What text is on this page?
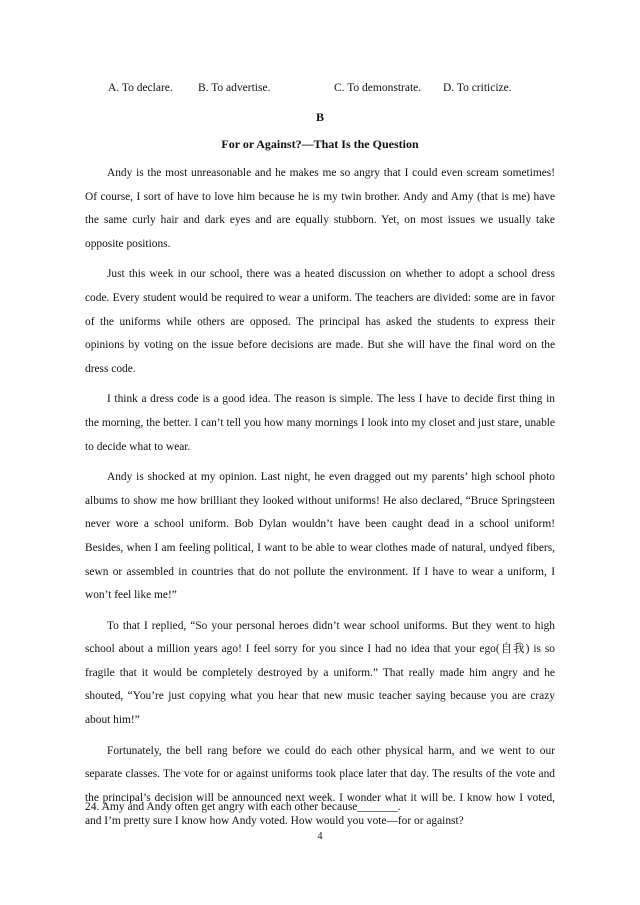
A. To declare. B. To advertise.	C. To demonstrate. D. To criticize.
B
For or Against?—That Is the Question

Andy is the most unreasonable and he makes me so angry that I could even scream sometimes! Of course, I sort of have to love him because he is my twin brother. Andy and Amy (that is me) have the same curly hair and dark eyes and are equally stubborn. Yet, on most issues we usually take opposite positions.

Just this week in our school, there was a heated discussion on whether to adopt a school dress code. Every student would be required to wear a uniform. The teachers are divided: some are in favor of the uniforms while others are opposed. The principal has asked the students to express their opinions by voting on the issue before decisions are made. But she will have the final word on the dress code.

I think a dress code is a good idea. The reason is simple. The less I have to decide first thing in the morning, the better. I can’t tell you how many mornings I look into my closet and just stare, unable to decide what to wear.

Andy is shocked at my opinion. Last night, he even dragged out my parents’ high school photo albums to show me how brilliant they looked without uniforms! He also declared, “Bruce Springsteen never wore a school uniform. Bob Dylan wouldn’t have been caught dead in a school uniform! Besides, when I am feeling political, I want to be able to wear clothes made of natural, undyed fibers, sewn or assembled in countries that do not pollute the environment. If I have to wear a uniform, I won’t feel like me!”

To that I replied, “So your personal heroes didn’t wear school uniforms. But they went to high school about a million years ago! I feel sorry for you since I had no idea that your ego(自我) is so fragile that it would be completely destroyed by a uniform.” That really made him angry and he shouted, “You’re just copying what you hear that new music teacher saying because you are crazy about him!”

Fortunately, the bell rang before we could do each other physical harm, and we went to our separate classes. The vote for or against uniforms took place later that day. The results of the vote and the principal’s decision will be announced next week. I wonder what it will be. I know how I voted, and I’m pretty sure I know how Andy voted. How would you vote—for or against?

24. Amy and Andy often get angry with each other because_______.
4
